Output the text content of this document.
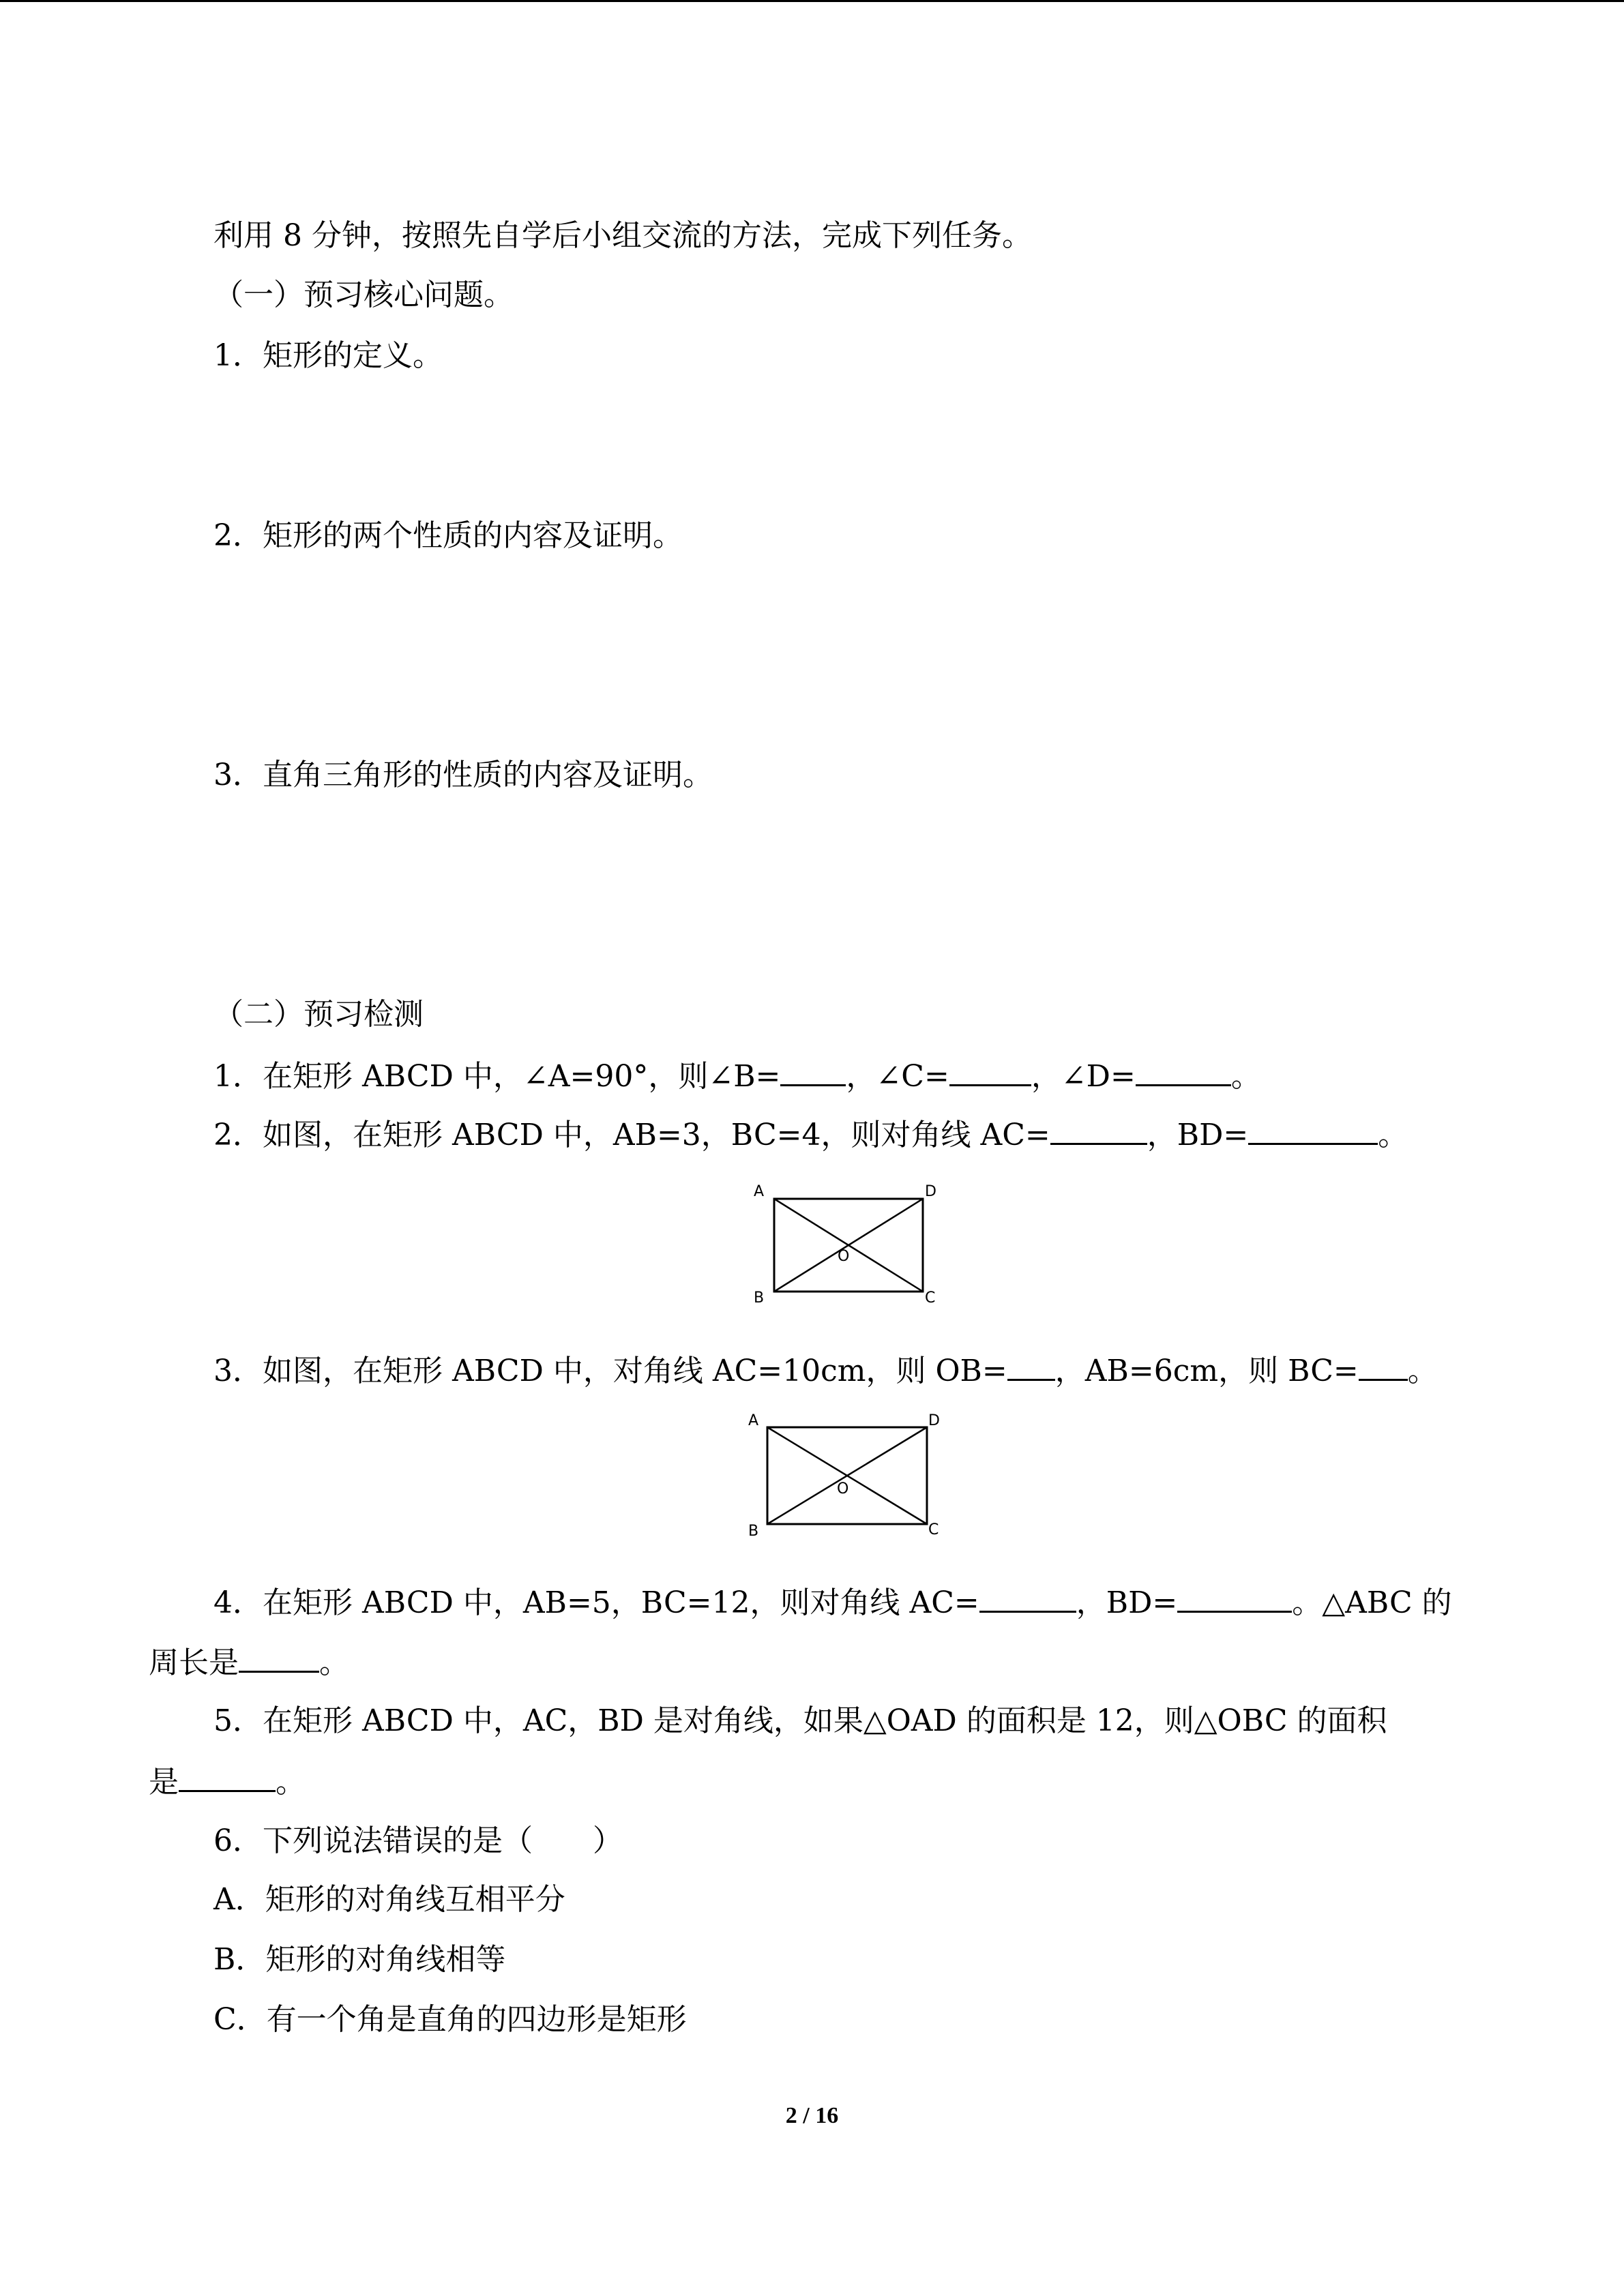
利用 8 分钟，按照先自学后小组交流的方法，完成下列任务。
（一）预习核心问题。
1．矩形的定义。
2．矩形的两个性质的内容及证明。
3．直角三角形的性质的内容及证明。
（二）预习检测
1．在矩形 ABCD 中，∠A=90°，则∠B= ，∠C=	，∠D=	。
2．如图，在矩形 ABCD 中，AB=3，BC=4，则对角线 AC=	，BD=	。
A	D
B	C
O
3．如图，在矩形 ABCD 中，对角线 AC=10cm，则 OB= ，AB=6cm，则 BC= 。
A	D
B	C
O
4．在矩形 ABCD 中，AB=5，BC=12，则对角线 AC=	，BD=	。△ABC 的
周长是	。
5．在矩形 ABCD 中，AC，BD 是对角线，如果△OAD 的面积是 12，则△OBC 的面积
是	。
6．下列说法错误的是（　　）
A．矩形的对角线互相平分
B．矩形的对角线相等
C．有一个角是直角的四边形是矩形
2 / 16
